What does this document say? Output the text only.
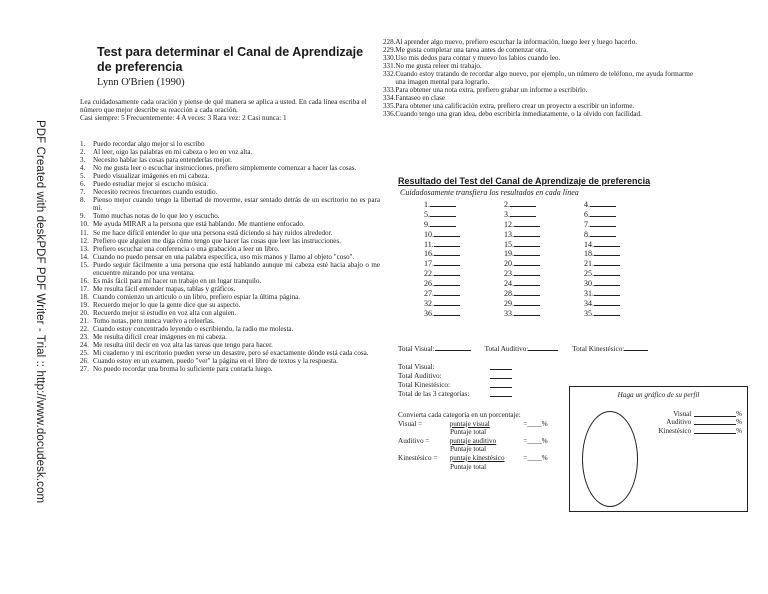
PDF Created with deskPDF PDF Writer - Trial :: http://www.docudesk.com
Test para determinar el Canal de Aprendizaje de preferencia
Lynn O'Brien (1990)
Lea cuidadosamente cada oración y piense de qué manera se aplica a usted. En cada línea escriba el número que mejor describe su reacción a cada oración.
Casi siempre: 5 Frecuentemente: 4 A veces: 3 Rara vez: 2 Casi nunca: 1
1.	Puedo recordar algo mejor si lo escribo
2.	Al leer, oigo las palabras en mi cabeza o leo en voz alta.
3.	Necesito hablar las cosas para entenderlas mejor.
4.	No me gusta leer o escuchar instrucciones, prefiero simplemente comenzar a hacer las cosas.
5.	Puedo visualizar imágenes en mi cabeza.
6.	Puedo estudiar mejor si escucho música.
7.	Necesito recreos frecuentes cuando estudio.
8.	Pienso mejor cuando tengo la libertad de moverme, estar sentado detrás de un escritorio no es para mí.
9.	Tomo muchas notas de lo que leo y escucho.
10. Me ayuda MIRAR a la persona que está hablando. Me mantiene enfocado.
11. Se me hace difícil entender lo que una persona está diciendo si hay ruidos alrededor.
12. Prefiero que alguien me diga cómo tengo que hacer las cosas que leer las instrucciones.
13. Prefiero escuchar una conferencia o una grabación a leer un libro.
14. Cuando no puedo pensar en una palabra específica, uso mis manos y llamo al objeto "coso".
15. Puedo seguir fácilmente a una persona que está hablando aunque mi cabeza esté hacia abajo o me encuentre mirando por una ventana.
16. Es más fácil para mí hacer un trabajo en un lugar tranquilo.
17. Me resulta fácil entender mapas, tablas y gráficos.
18. Cuando comienzo un artículo o un libro, prefiero espiar la última página.
19. Recuerdo mejor lo que la gente dice que su aspecto.
20. Recuerdo mejor si estudio en voz alta con alguien.
21. Tomo notas, pero nunca vuelvo a releerlas.
22. Cuando estoy concentrado leyendo o escribiendo, la radio me molesta.
23. Me resulta difícil crear imágenes en mi cabeza.
24. Me resulta útil decir en voz alta las tareas que tengo para hacer.
25. Mi cuaderno y mi escritorio pueden verse un desastre, pero sé exactamente dónde está cada cosa.
26. Cuando estoy en un examen, puedo "ver" la página en el libro de textos y la respuesta.
27. No puedo recordar una broma lo suficiente para contarla luego.
228. Al aprender algo nuevo, prefiero escuchar la información, luego leer y luego hacerlo.
229. Me gusta completar una tarea antes de comenzar otra.
330. Uso mis dedos para contar y muevo los labios cuando leo.
331. No me gusta releer mi trabajo.
332. Cuando estoy tratando de recordar algo nuevo, por ejemplo, un número de teléfono, me ayuda formarme una imagen mental para lograrlo.
333. Para obtener una nota extra, prefiero grabar un informe a escribirlo.
334. Fantaseo en clase
335. Para obtener una calificación extra, prefiero crear un proyecto a escribir un informe.
336. Cuando tengo una gran idea, debo escribirla inmediatamente, o la olvido con facilidad.
Resultado del Test del Canal de Aprendizaje de preferencia
Cuidadosamente transfiera los resultados en cada línea
1.	2.	4.
5.	3.	6.
9.	12.	7.
10.	13.	8.
11.	15.	14.
16.	19.	18.
17.	20.	21.
22.	23.	25.
26.	24.	30.
27.	28.	31.
32.	29.	34.
36.	33.	35.
Total Visual:	Total Auditivo:	Total Kinestésico:
Total Visual:
Total Auditivo:
Total Kinestésico:
Total de las 3 categorías:
Convierta cada categoría en un porcentaje:
Visual =	puntaje visual	=____%
Puntaje total
Auditivo =	puntaje auditivo	=____%
Puntaje total
Kinestésico =	puntaje kinestésico	=____%
Puntaje total
Haga un gráfico de su perfil
Visual	%
Auditivo	%
Kinestésico	%
